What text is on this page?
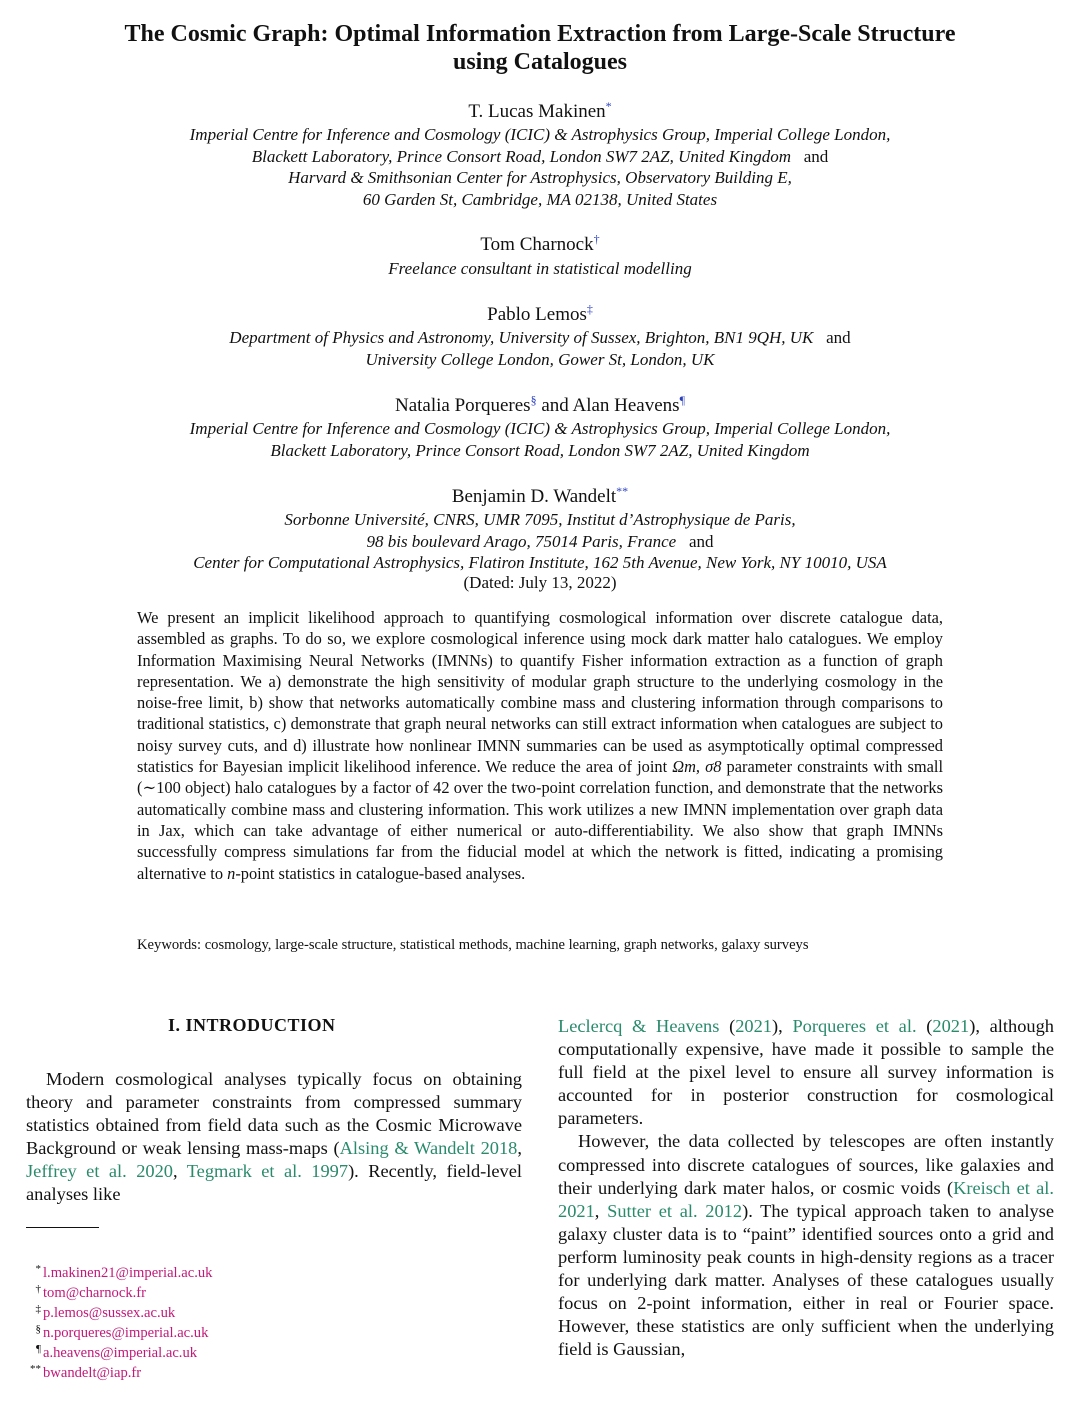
The Cosmic Graph: Optimal Information Extraction from Large-Scale Structure
using Catalogues
T. Lucas Makinen*
Imperial Centre for Inference and Cosmology (ICIC) & Astrophysics Group, Imperial College London,
Blackett Laboratory, Prince Consort Road, London SW7 2AZ, United Kingdom and
Harvard & Smithsonian Center for Astrophysics, Observatory Building E,
60 Garden St, Cambridge, MA 02138, United States
Tom Charnock†
Freelance consultant in statistical modelling
Pablo Lemos‡
Department of Physics and Astronomy, University of Sussex, Brighton, BN1 9QH, UK and
University College London, Gower St, London, UK
Natalia Porqueres§ and Alan Heavens¶
Imperial Centre for Inference and Cosmology (ICIC) & Astrophysics Group, Imperial College London,
Blackett Laboratory, Prince Consort Road, London SW7 2AZ, United Kingdom
Benjamin D. Wandelt**
Sorbonne Université, CNRS, UMR 7095, Institut d’Astrophysique de Paris,
98 bis boulevard Arago, 75014 Paris, France and
Center for Computational Astrophysics, Flatiron Institute, 162 5th Avenue, New York, NY 10010, USA
(Dated: July 13, 2022)
We present an implicit likelihood approach to quantifying cosmological information over discrete catalogue data, assembled as graphs. To do so, we explore cosmological inference using mock dark matter halo catalogues. We employ Information Maximising Neural Networks (IMNNs) to quantify Fisher information extraction as a function of graph representation. We a) demonstrate the high sensitivity of modular graph structure to the underlying cosmology in the noise-free limit, b) show that networks automatically combine mass and clustering information through comparisons to traditional statistics, c) demonstrate that graph neural networks can still extract information when catalogues are subject to noisy survey cuts, and d) illustrate how nonlinear IMNN summaries can be used as asymptotically optimal compressed statistics for Bayesian implicit likelihood inference. We reduce the area of joint Ωm, σ8 parameter constraints with small (∼100 object) halo catalogues by a factor of 42 over the two-point correlation function, and demonstrate that the networks automatically combine mass and clustering information. This work utilizes a new IMNN implementation over graph data in Jax, which can take advantage of either numerical or auto-differentiability. We also show that graph IMNNs successfully compress simulations far from the fiducial model at which the network is fitted, indicating a promising alternative to n-point statistics in catalogue-based analyses.
Keywords: cosmology, large-scale structure, statistical methods, machine learning, graph networks, galaxy surveys
I. INTRODUCTION
Modern cosmological analyses typically focus on obtaining theory and parameter constraints from compressed summary statistics obtained from field data such as the Cosmic Microwave Background or weak lensing mass-maps (Alsing & Wandelt 2018, Jeffrey et al. 2020, Tegmark et al. 1997). Recently, field-level analyses like
* l.makinen21@imperial.ac.uk
† tom@charnock.fr
‡ p.lemos@sussex.ac.uk
§ n.porqueres@imperial.ac.uk
¶ a.heavens@imperial.ac.uk
** bwandelt@iap.fr
Leclercq & Heavens (2021), Porqueres et al. (2021), although computationally expensive, have made it possible to sample the full field at the pixel level to ensure all survey information is accounted for in posterior construction for cosmological parameters.
However, the data collected by telescopes are often instantly compressed into discrete catalogues of sources, like galaxies and their underlying dark mater halos, or cosmic voids (Kreisch et al. 2021, Sutter et al. 2012). The typical approach taken to analyse galaxy cluster data is to “paint” identified sources onto a grid and perform luminosity peak counts in high-density regions as a tracer for underlying dark matter. Analyses of these catalogues usually focus on 2-point information, either in real or Fourier space. However, these statistics are only sufficient when the underlying field is Gaussian,
